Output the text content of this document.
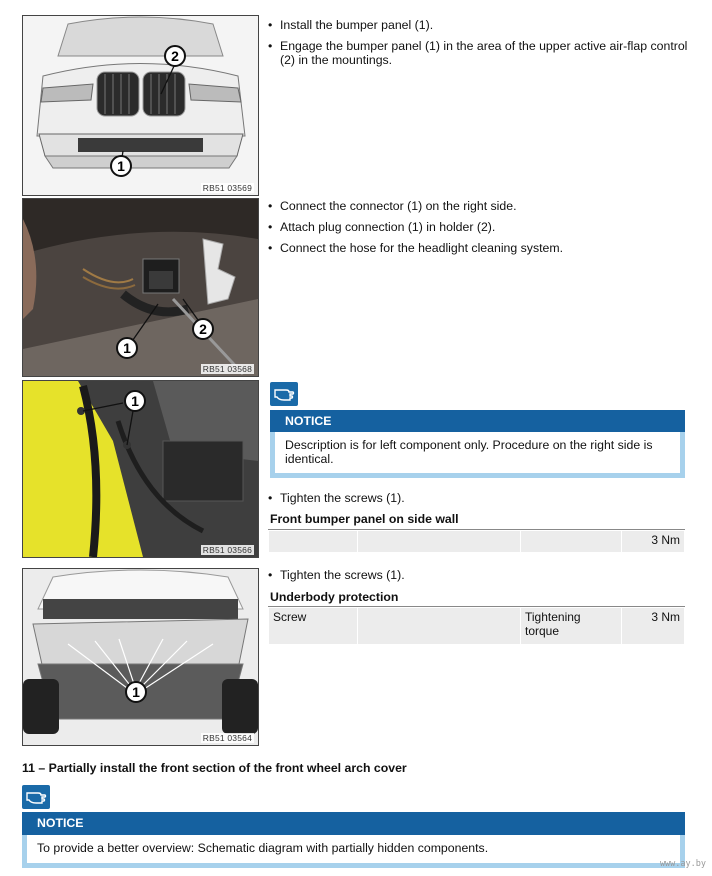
1
2
RB51 03569
1
2
RB51 03568
1
RB51 03566
1
RB51 03564
• Install the bumper panel (1).
• Engage the bumper panel (1) in the area of the upper active air-flap control (2) in the mountings.
• Connect the connector (1) on the right side.
• Attach plug connection (1) in holder (2).
• Connect the hose for the headlight cleaning system.
NOTICE
Description is for left component only. Procedure on the right side is identical.
• Tighten the screws (1).
Front bumper panel on side wall
			3 Nm
• Tighten the screws (1).
Underbody protection
Screw		Tightening torque	3 Nm
11 – Partially install the front section of the front wheel arch cover
NOTICE
To provide a better overview: Schematic diagram with partially hidden components.
www.ay.by
